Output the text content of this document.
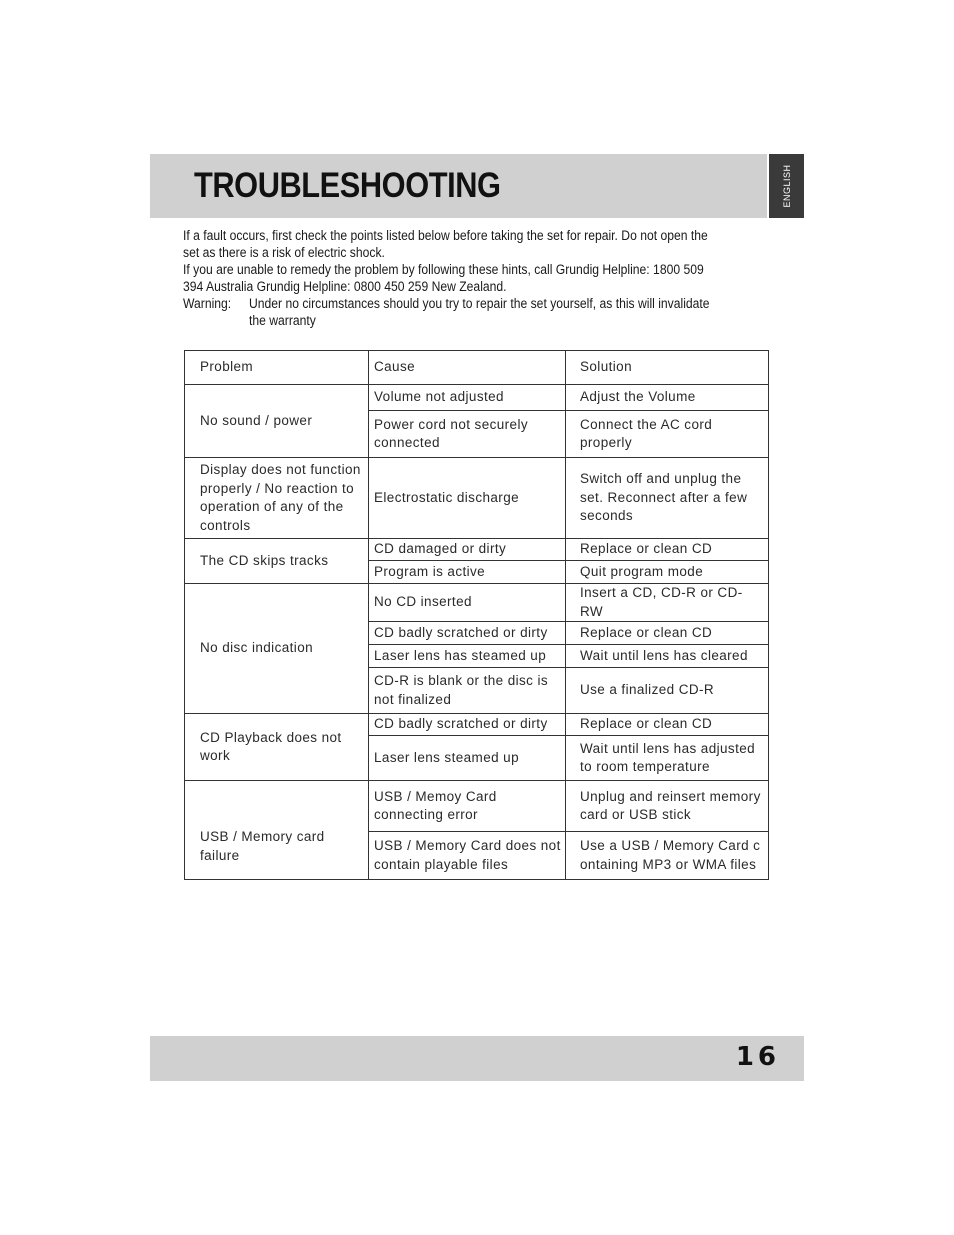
TROUBLESHOOTING	ENGLISH

If a fault occurs, first check the points listed below before taking the set for repair. Do not open the

set as there is a risk of electric shock.

If you are unable to remedy the problem by following these hints, call Grundig Helpline: 1800 509

394 Australia Grundig Helpline: 0800 450 259 New Zealand.

Warning: Under no circumstances should you try to repair the set yourself, as this will invalidate

the warranty

Problem	Cause	Solution
No sound / power	Volume not adjusted	Adjust the Volume
	Power cord not securely connected	Connect the AC cord properly
Display does not function properly / No reaction to operation of any of the controls	Electrostatic discharge	Switch off and unplug the set. Reconnect after a few seconds
The CD skips tracks	CD damaged or dirty	Replace or clean CD
	Program is active	Quit program mode
No disc indication	No CD inserted	Insert a CD, CD-R or CD-RW
	CD badly scratched or dirty	Replace or clean CD
	Laser lens has steamed up	Wait until lens has cleared
	CD-R is blank or the disc is not finalized	Use a finalized CD-R
CD Playback does not work	CD badly scratched or dirty	Replace or clean CD
	Laser lens steamed up	Wait until lens has adjusted to room temperature
USB / Memory card failure	USB / Memoy Card connecting error	Unplug and reinsert memory card or USB stick
	USB / Memory Card does not contain playable files	Use a USB / Memory Card c ontaining MP3 or WMA files
16
